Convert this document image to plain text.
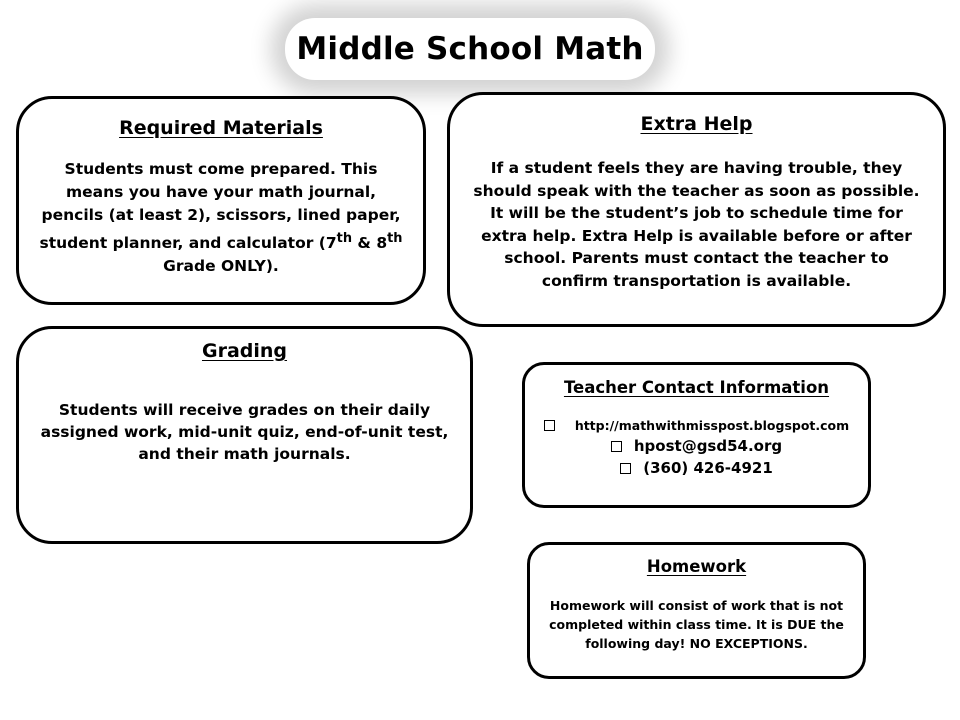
Middle School Math
Required Materials

Students must come prepared. This means you have your math journal, pencils (at least 2), scissors, lined paper, student planner, and calculator (7th & 8th Grade ONLY).

Extra Help

If a student feels they are having trouble, they should speak with the teacher as soon as possible. It will be the student’s job to schedule time for extra help. Extra Help is available before or after school. Parents must contact the teacher to confirm transportation is available.

Grading

Students will receive grades on their daily assigned work, mid-unit quiz, end-of-unit test, and their math journals.

Teacher Contact Information
http://mathwithmisspost.blogspot.com
hpost@gsd54.org
(360) 426-4921
Homework

Homework will consist of work that is not completed within class time. It is DUE the following day! NO EXCEPTIONS.
